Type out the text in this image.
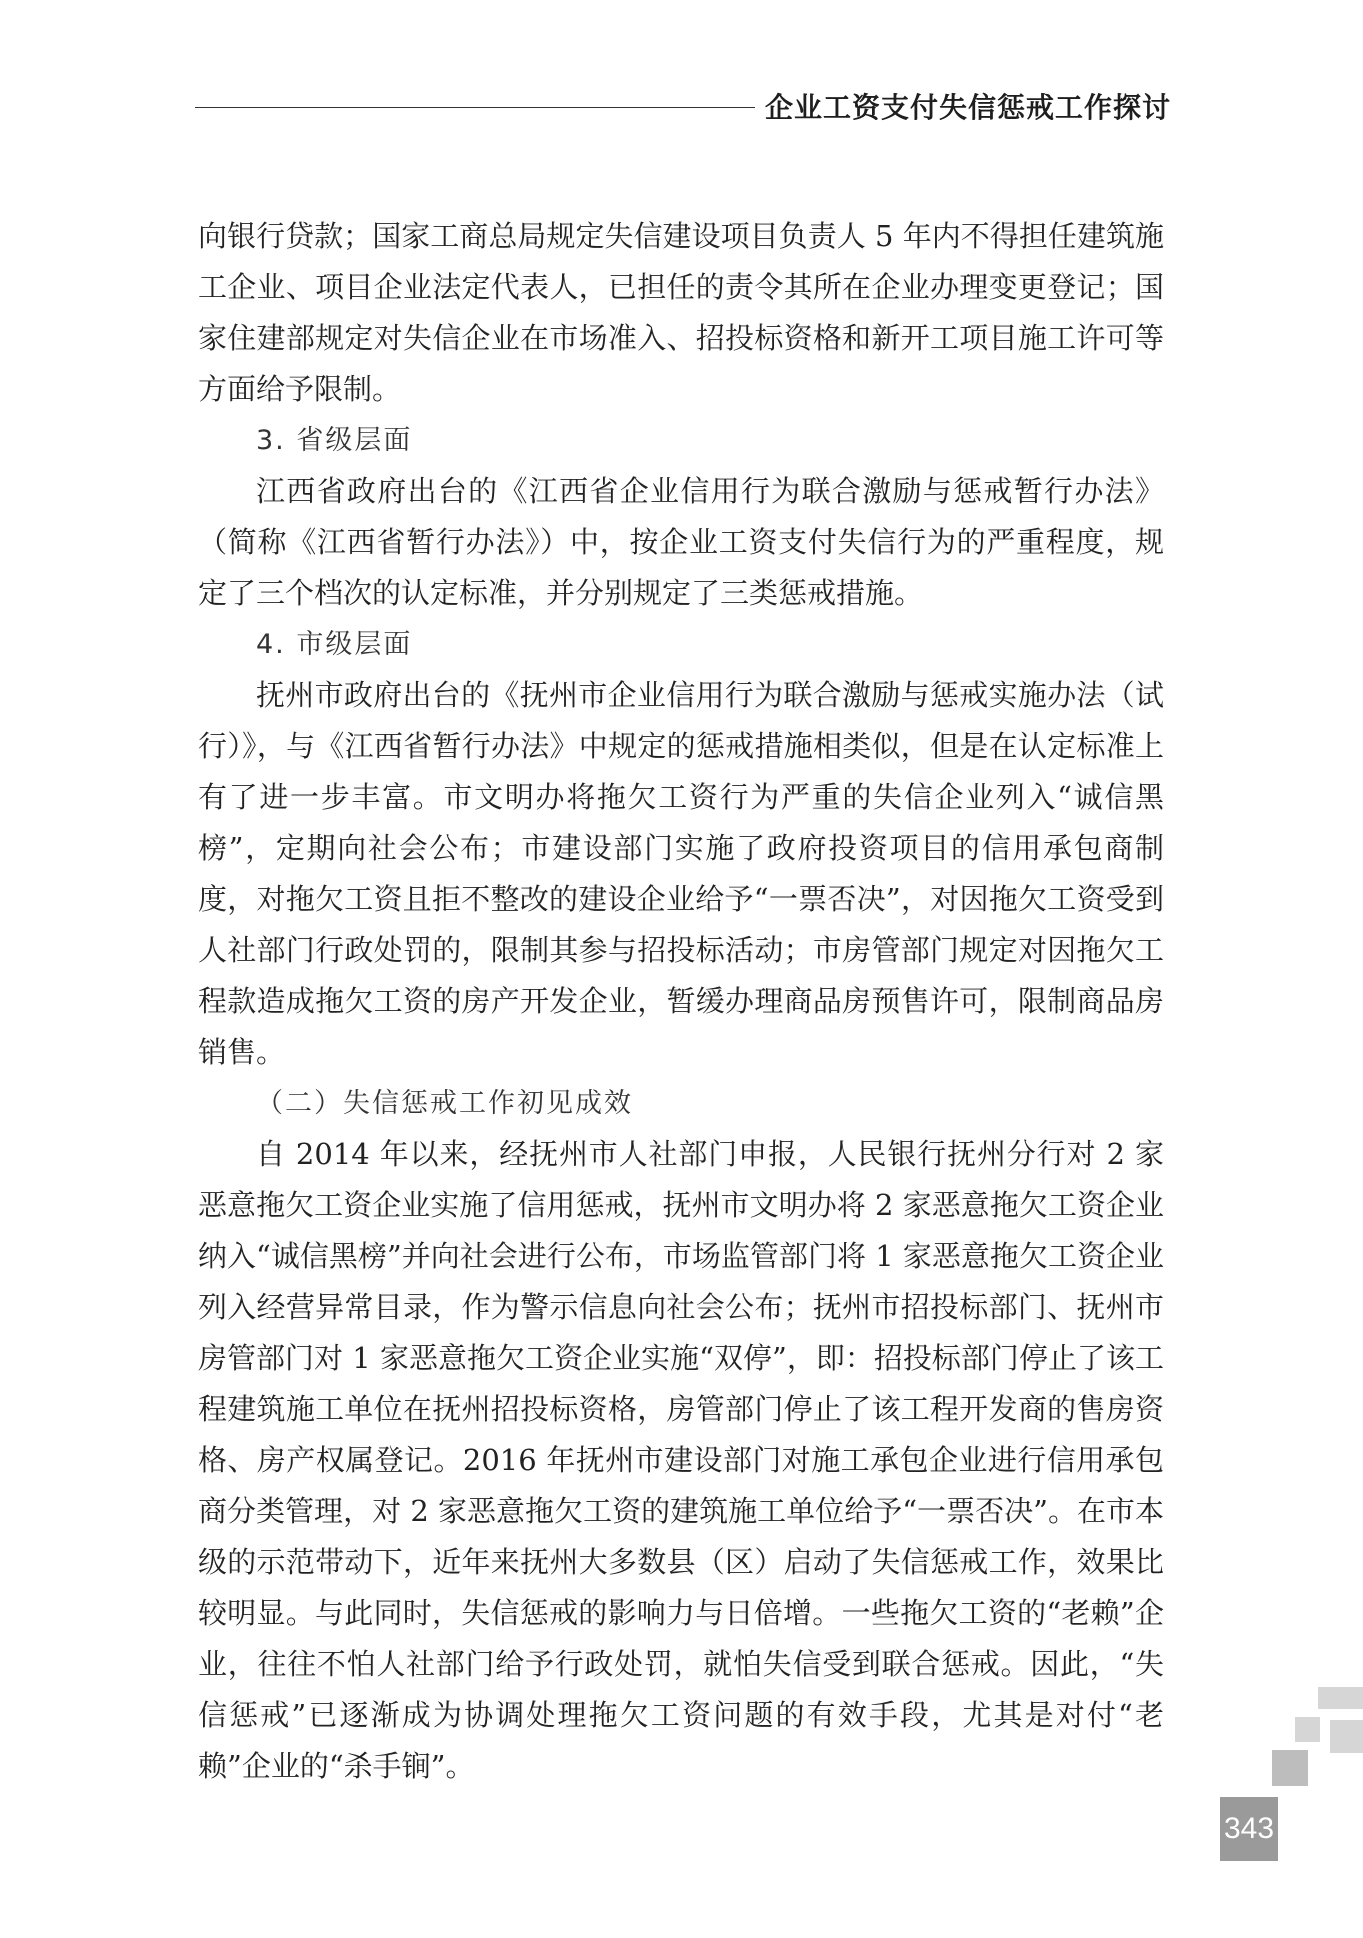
企业工资支付失信惩戒工作探讨

向银行贷款；国家工商总局规定失信建设项目负责人 5 年内不得担任建筑施工企业、项目企业法定代表人，已担任的责令其所在企业办理变更登记；国家住建部规定对失信企业在市场准入、招投标资格和新开工项目施工许可等方面给予限制。

3. 省级层面

江西省政府出台的《江西省企业信用行为联合激励与惩戒暂行办法》（简称《江西省暂行办法》）中，按企业工资支付失信行为的严重程度，规定了三个档次的认定标准，并分别规定了三类惩戒措施。

4. 市级层面

抚州市政府出台的《抚州市企业信用行为联合激励与惩戒实施办法（试行）》，与《江西省暂行办法》中规定的惩戒措施相类似，但是在认定标准上有了进一步丰富。市文明办将拖欠工资行为严重的失信企业列入“诚信黑榜”，定期向社会公布；市建设部门实施了政府投资项目的信用承包商制度，对拖欠工资且拒不整改的建设企业给予“一票否决”，对因拖欠工资受到人社部门行政处罚的，限制其参与招投标活动；市房管部门规定对因拖欠工程款造成拖欠工资的房产开发企业，暂缓办理商品房预售许可，限制商品房销售。

（二）失信惩戒工作初见成效

自 2014 年以来，经抚州市人社部门申报，人民银行抚州分行对 2 家恶意拖欠工资企业实施了信用惩戒，抚州市文明办将 2 家恶意拖欠工资企业纳入“诚信黑榜”并向社会进行公布，市场监管部门将 1 家恶意拖欠工资企业列入经营异常目录，作为警示信息向社会公布；抚州市招投标部门、抚州市房管部门对 1 家恶意拖欠工资企业实施“双停”，即：招投标部门停止了该工程建筑施工单位在抚州招投标资格，房管部门停止了该工程开发商的售房资格、房产权属登记。2016 年抚州市建设部门对施工承包企业进行信用承包商分类管理，对 2 家恶意拖欠工资的建筑施工单位给予“一票否决”。在市本级的示范带动下，近年来抚州大多数县（区）启动了失信惩戒工作，效果比较明显。与此同时，失信惩戒的影响力与日倍增。一些拖欠工资的“老赖”企业，往往不怕人社部门给予行政处罚，就怕失信受到联合惩戒。因此，“失信惩戒”已逐渐成为协调处理拖欠工资问题的有效手段，尤其是对付“老赖”企业的“杀手锏”。

343
